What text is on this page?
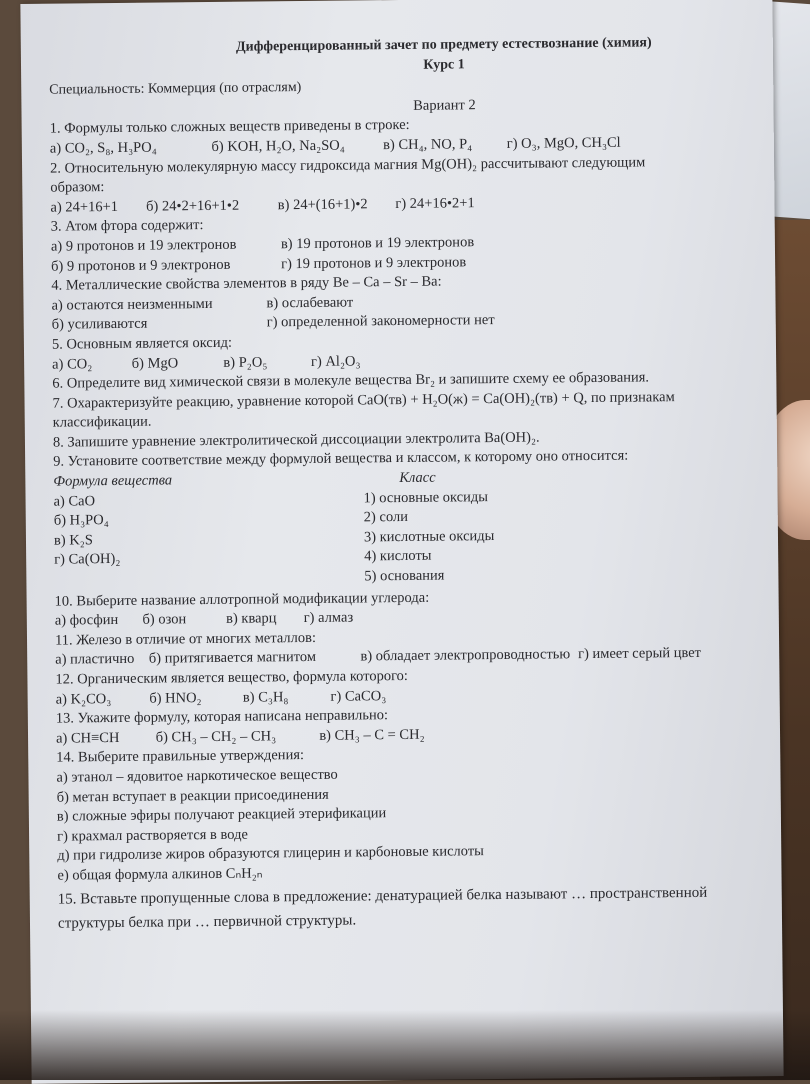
Дифференцированный зачет по предмету естествознание (химия)
Курс 1
Специальность: Коммерция (по отраслям)
Вариант 2
1. Формулы только сложных веществ приведены в строке:
а) CO₂, S₈, H₃PO₄	б) KOH, H₂O, Na₂SO₄	в) CH₄, NO, P₄ г) O₃, MgO, CH₃Cl
2. Относительную молекулярную массу гидроксида магния Mg(OH)₂ рассчитывают следующим
образом:
а) 24+16+1 б) 24•2+16+1•2	в) 24+(16+1)•2 г) 24+16•2+1
3. Атом фтора содержит:
а) 9 протонов и 19 электронов	в) 19 протонов и 19 электронов
б) 9 протонов и 9 электронов	г) 19 протонов и 9 электронов
4. Металлические свойства элементов в ряду Be – Ca – Sr – Ba:
а) остаются неизменными	в) ослабевают
б) усиливаются	г) определенной закономерности нет
5. Основным является оксид:
а) CO₂	б) MgO	в) P₂O₅	г) Al₂O₃
6. Определите вид химической связи в молекуле вещества Br₂ и запишите схему ее образования.
7. Охарактеризуйте реакцию, уравнение которой CaO(тв) + H₂O(ж) = Ca(OH)₂(тв) + Q, по признакам
классификации.
8. Запишите уравнение электролитической диссоциации электролита Ba(OH)₂.
9. Установите соответствие между формулой вещества и классом, к которому оно относится:
Формула вещества
а) CaO
б) H₃PO₄
в) K₂S
г) Ca(OH)₂
Класс
1) основные оксиды
2) соли
3) кислотные оксиды
4) кислоты
5) основания
10. Выберите название аллотропной модификации углерода:
а) фосфин б) озон	в) кварц г) алмаз
11. Железо в отличие от многих металлов:
а) пластично б) притягивается магнитом	в) обладает электропроводностью г) имеет серый цвет
12. Органическим является вещество, формула которого:
а) K₂CO₃	б) HNO₂	в) C₃H₈	г) CaCO₃
13. Укажите формулу, которая написана неправильно:
а) CH≡CH б) CH₃ – CH₂ – CH₃	в) CH₃ – C = CH₂
14. Выберите правильные утверждения:
а) этанол – ядовитое наркотическое вещество
б) метан вступает в реакции присоединения
в) сложные эфиры получают реакцией этерификации
г) крахмал растворяется в воде
д) при гидролизе жиров образуются глицерин и карбоновые кислоты
е) общая формула алкинов CₙH₂ₙ
15. Вставьте пропущенные слова в предложение: денатурацией белка называют … пространственной
структуры белка при … первичной структуры.
